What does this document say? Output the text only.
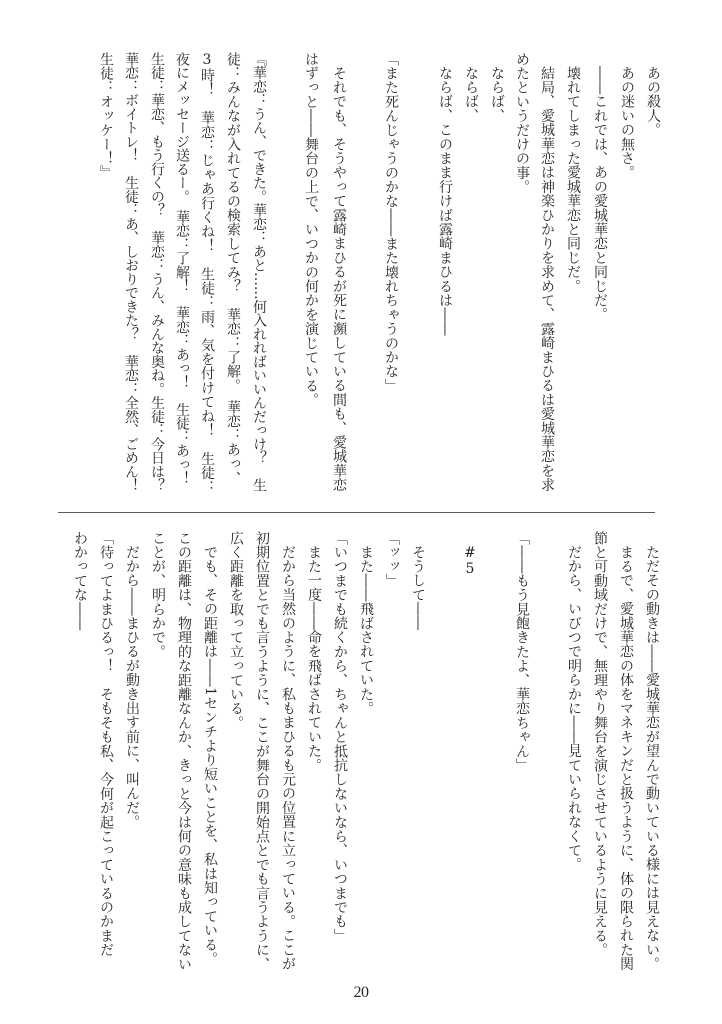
あの殺人。
あの迷いの無さ。
――これでは、あの愛城華恋と同じだ。
壊れてしまった愛城華恋と同じだ。
結局、愛城華恋は神楽ひかりを求めて、露崎まひるは愛城華恋を求
めたというだけの事。
ならば、
ならば、
ならば、このまま行けば露崎まひるは――
「また死んじゃうのかな――また壊れちゃうのかな」
それでも、そうやって露崎まひるが死に瀕している間も、愛城華恋
はずっと――舞台の上で、いつかの何かを演じている。
『華恋：うん、できた。華恋：あと……何入れればいいんだっけ？　生
徒：みんなが入れてるの検索してみ？　華恋：了解。　華恋：あっ、
3時！　華恋：じゃあ行くね！　生徒：雨、気を付けてね！　生徒：
夜にメッセージ送るー。　華恋：了解！　華恋：あっ！　生徒：あっ！
生徒：華恋、もう行くの？　華恋：うん、みんな奥ね。生徒：今日は？
華恋：ボイトレ！　生徒：あ、しおりできた？　華恋：全然、ごめん！
生徒：オッケー！』
ただその動きは――愛城華恋が望んで動いている様には見えない。
まるで、愛城華恋の体をマネキンだと扱うように、体の限られた関
節と可動域だけで、無理やり舞台を演じさせているように見える。
だから、いびつで明らかに――見ていられなくて。
「――もう見飽きたよ、華恋ちゃん」
#5
そうして――
「ッッ」
また――飛ばされていた。
「いつまでも続くから、ちゃんと抵抗しないなら、いつまでも」
また一度――命を飛ばされていた。
だから当然のように、私もまひるも元の位置に立っている。ここが
初期位置とでも言うように、ここが舞台の開始点とでも言うように、
広く距離を取って立っている。
でも、その距離は――1センチより短いことを、私は知っている。
この距離は、物理的な距離なんか、きっと今は何の意味も成してない
ことが、明らかで。
だから――まひるが動き出す前に、叫んだ。
「待ってよまひるっ！　そもそも私、今何が起こっているのかまだ
わかってな――
20
